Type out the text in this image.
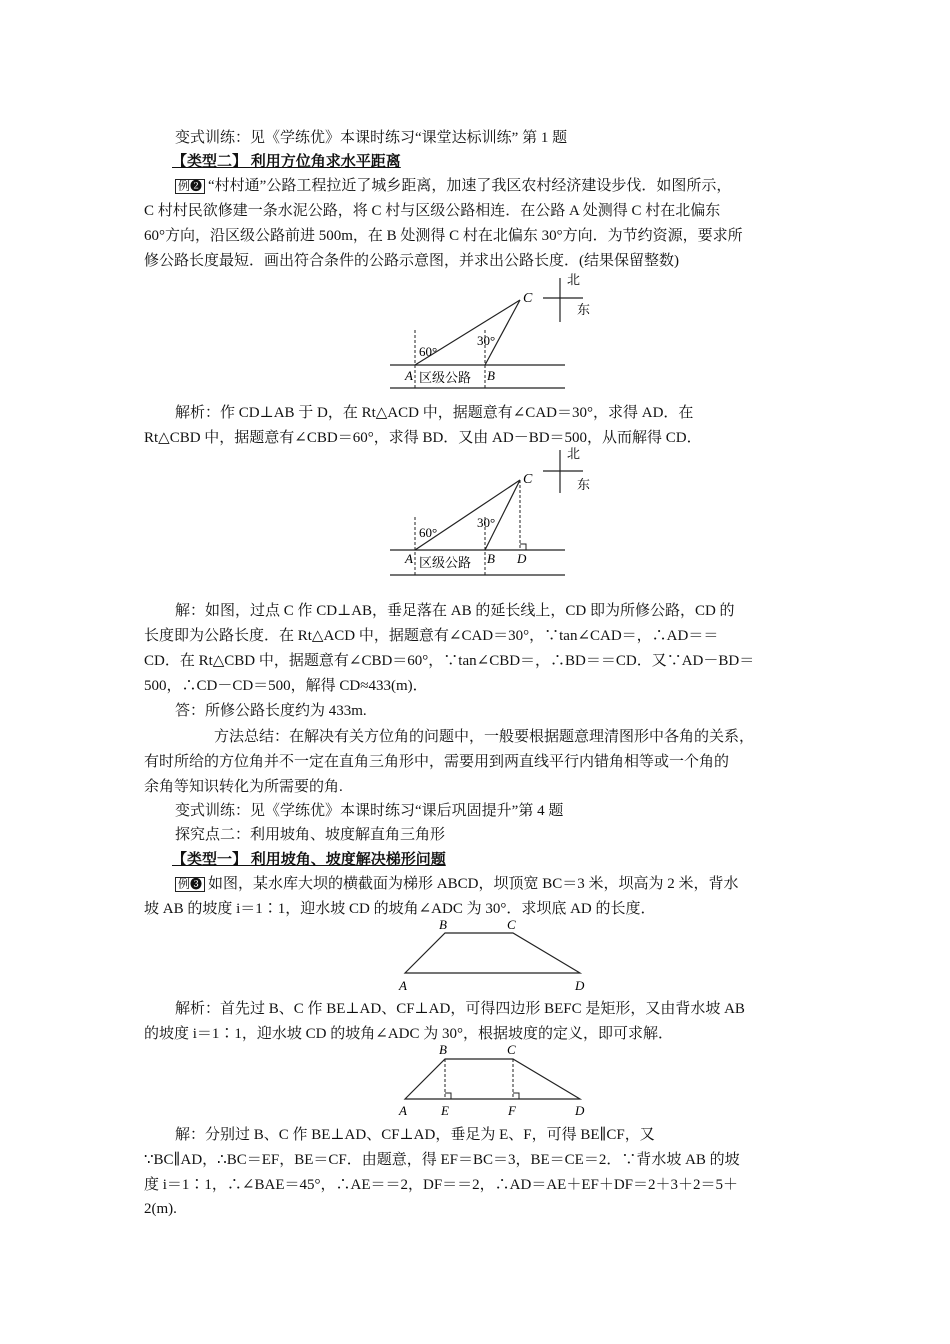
变式训练：见《学练优》本课时练习“课堂达标训练” 第 1 题
【类型二】 利用方位角求水平距离
例❷ “村村通”公路工程拉近了城乡距离，加速了我区农村经济建设步伐．如图所示，
C 村村民欲修建一条水泥公路，将 C 村与区级公路相连．在公路 A 处测得 C 村在北偏东
60°方向，沿区级公路前进 500m，在 B 处测得 C 村在北偏东 30°方向．为节约资源，要求所
修公路长度最短．画出符合条件的公路示意图，并求出公路长度．(结果保留整数)
北
东
C
60°
30°
A	B
区级公路
解析：作 CD⊥AB 于 D，在 Rt△ACD 中，据题意有∠CAD＝30°，求得 AD．在
Rt△CBD 中，据题意有∠CBD＝60°，求得 BD．又由 AD－BD＝500，从而解得 CD．
北
东
C
60°
30°
A	B D
区级公路
解：如图，过点 C 作 CD⊥AB，垂足落在 AB 的延长线上，CD 即为所修公路，CD 的
长度即为公路长度．在 Rt△ACD 中，据题意有∠CAD＝30°，∵tan∠CAD＝，∴AD＝＝
CD．在 Rt△CBD 中，据题意有∠CBD＝60°，∵tan∠CBD＝，∴BD＝＝CD．又∵AD－BD＝
500，∴CD－CD＝500，解得 CD≈433(m)．
答：所修公路长度约为 433m.
方法总结：在解决有关方位角的问题中，一般要根据题意理清图形中各角的关系，
有时所给的方位角并不一定在直角三角形中，需要用到两直线平行内错角相等或一个角的
余角等知识转化为所需要的角.
变式训练：见《学练优》本课时练习“课后巩固提升”第 4 题
探究点二：利用坡角、坡度解直角三角形
【类型一】 利用坡角、坡度解决梯形问题
例❸ 如图，某水库大坝的横截面为梯形 ABCD，坝顶宽 BC＝3 米，坝高为 2 米，背水
坡 AB 的坡度 i＝1∶1，迎水坡 CD 的坡角∠ADC 为 30°．求坝底 AD 的长度．
B	C
A	D
解析：首先过 B、C 作 BE⊥AD、CF⊥AD，可得四边形 BEFC 是矩形，又由背水坡 AB
的坡度 i＝1∶1，迎水坡 CD 的坡角∠ADC 为 30°，根据坡度的定义，即可求解．
B	C
A	E	F	D
解：分别过 B、C 作 BE⊥AD、CF⊥AD，垂足为 E、F，可得 BE∥CF，又
∵BC∥AD，∴BC＝EF，BE＝CF．由题意，得 EF＝BC＝3，BE＝CE＝2．∵背水坡 AB 的坡
度 i＝1∶1，∴∠BAE＝45°，∴AE＝＝2，DF＝＝2，∴AD＝AE＋EF＋DF＝2＋3＋2＝5＋
2(m).
